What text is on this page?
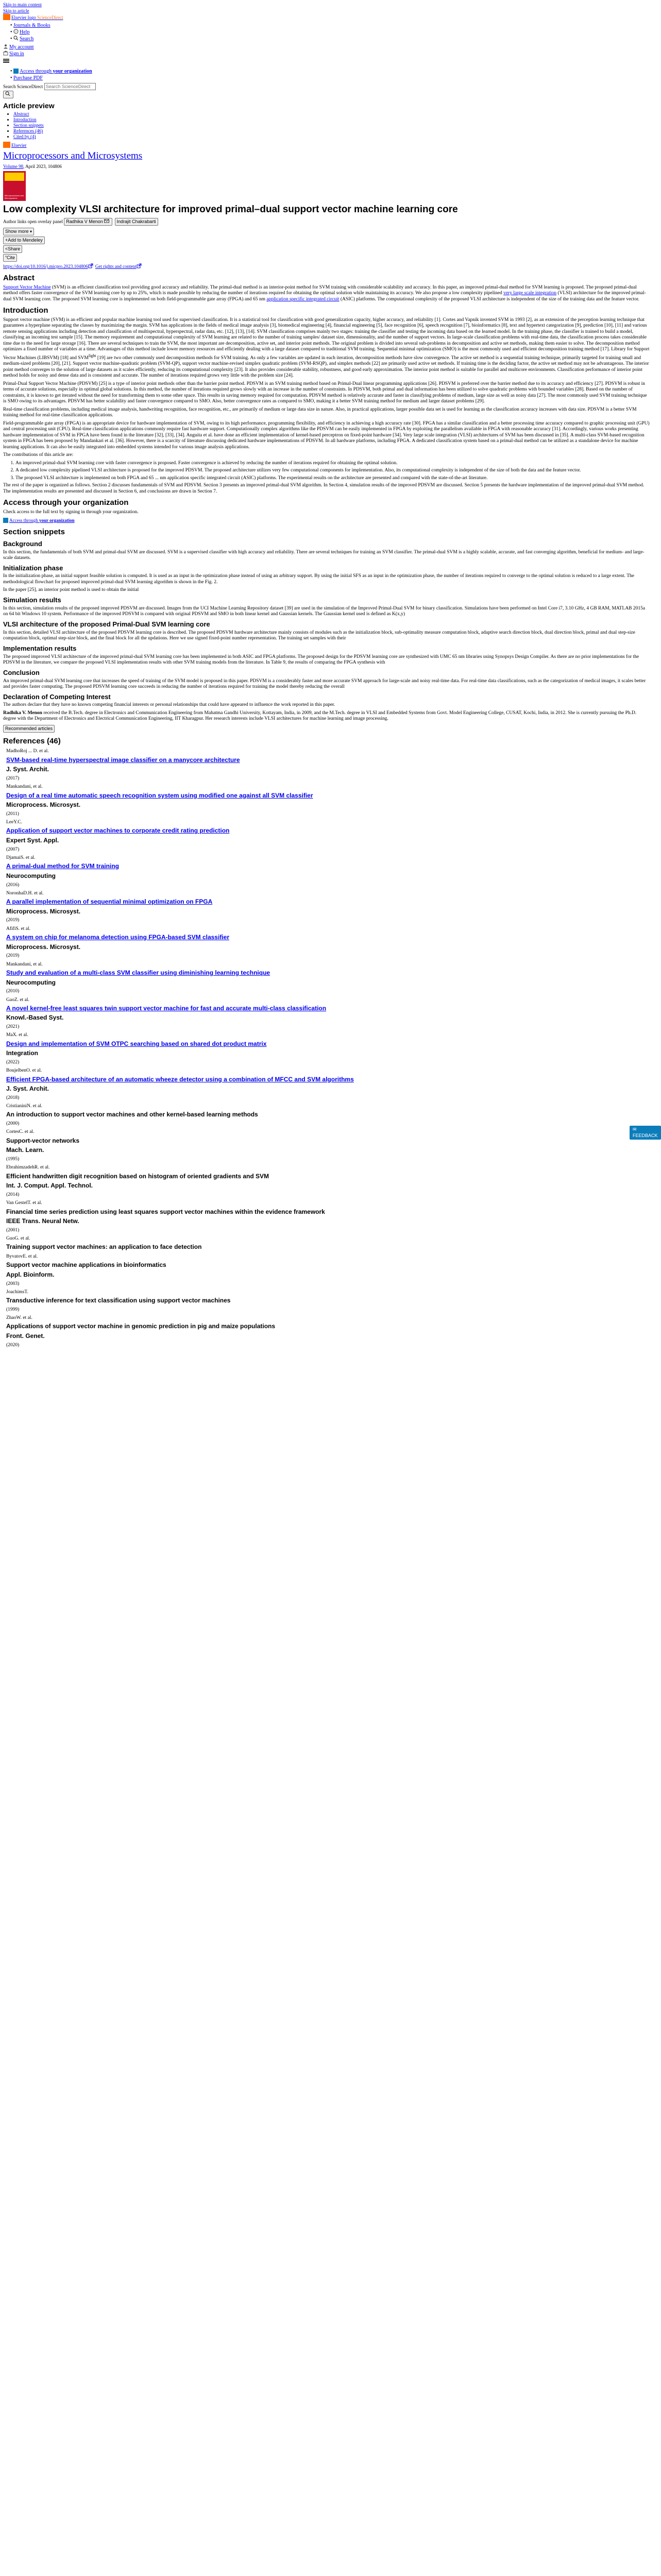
Skip to main content
Skip to article
Elsevier logo ScienceDirect
• Journals & Books
• ? Help
• Search
My account
Sign in
• Access through your organization
• Purchase PDF
Search ScienceDirect Search ScienceDirect
Article preview
• Abstract
• Introduction
• Section snippets
• References (46)
• Cited by (4)
Elsevier
Microprocessors and Microsystems
Volume 98, April 2023, 104806
Microprocessors and Microsystems
Low complexity VLSI architecture for improved primal–dual support vector machine learning core
Author links open overlay panel Radhika V Menon	Indrajit Chakrabarti
Show more ▾
+Add to Mendeley
<Share
“Cite
https://doi.org/10.1016/j.micpro.2023.104806 Get rights and content
Abstract

Support Vector Machine (SVM) is an efficient classification tool providing good accuracy and reliability. The primal-dual method is an interior-point method for SVM training with considerable scalability and accuracy. In this paper, an improved primal-dual method for SVM learning is proposed. The proposed primal-dual method offers faster convergence of the SVM learning core by up to 25%, which is made possible by reducing the number of iterations required for obtaining the optimal solution while maintaining its accuracy. We also propose a low complexity pipelined very large scale integration (VLSI) architecture for the improved primal-dual SVM learning core. The proposed SVM learning core is implemented on both field-programmable gate array (FPGA) and 65 nm application specific integrated circuit (ASIC) platforms. The computational complexity of the proposed VLSI architecture is independent of the size of the training data and the feature vector.

Introduction

Support vector machine (SVM) is an efficient and popular machine learning tool used for supervised classification. It is a statistical tool for classification with good generalization capacity, higher accuracy, and reliability [1]. Cortes and Vapnik invented SVM in 1993 [2], as an extension of the perception learning technique that guarantees a hyperplane separating the classes by maximizing the margin. SVM has applications in the fields of medical image analysis [3], biomedical engineering [4], financial engineering [5], face recognition [6], speech recognition [7], bioinformatics [8], text and hypertext categorization [9], prediction [10], [11] and various remote sensing applications including detection and classification of multispectral, hyperspectral, radar data, etc. [12], [13], [14]. SVM classification comprises mainly two stages: training the classifier and testing the incoming data based on the learned model. In the training phase, the classifier is trained to build a model, classifying an incoming test sample [15]. The memory requirement and computational complexity of SVM learning are related to the number of training samples/ dataset size, dimensionality, and the number of support vectors. In large-scale classification problems with real-time data, the classification process takes considerable time due to the need for large storage [16]. There are several techniques to train the SVM, the most important are decomposition, active set, and interior point methods. The original problem is divided into several sub-problems in decomposition and active set methods, making them easier to solve. The decomposition method optimizes a fixed number of variables at a time. Advantages of this method include lower memory resources and efficiently dealing with a large dataset compared to traditional SVM training. Sequential minimal optimization (SMO) is the most commonly used and efficient decomposition training method [17]. Library for Support Vector Machines (LIBSVM) [18] and $SVM^{light}$ [19] are two other commonly used decomposition methods for SVM training. As only a few variables are updated in each iteration, decomposition methods have slow convergence. The active set method is a sequential training technique, primarily targeted for training small and medium-sized problems [20], [21]. Support vector machine-quadratic problem (SVM-QP), support vector machine-revised simplex quadratic problem (SVM-RSQP), and simplex methods [22] are primarily used active set methods. If training time is the deciding factor, the active set method may not be advantageous. The interior point method converges to the solution of large datasets as it scales efficiently, reducing its computational complexity [23]. It also provides considerable stability, robustness, and good early approximation. The interior point method is suitable for parallel and multicore environments. Classification performance of interior point method holds for noisy and dense data and is consistent and accurate. The number of iterations required grows very little with the problem size [24].

Primal-Dual Support Vector Machine (PDSVM) [25] is a type of interior point methods other than the barrier point method. PDSVM is an SVM training method based on Primal-Dual linear programming applications [26]. PDSVM is preferred over the barrier method due to its accuracy and efficiency [27]. PDSVM is robust in terms of accurate solutions, especially in optimal global solutions. In this method, the number of iterations required grows slowly with an increase in the number of constraints. In PDSVM, both primal and dual information has been utilized to solve quadratic problems with bounded variables [28]. Based on the number of constraints, it is known to get iterated without the need for transforming them to some other space. This results in saving memory required for computation. PDSVM method is relatively accurate and faster in classifying problems of medium, large size as well as noisy data [27]. The most commonly used SVM training technique is SMO owing to its advantages. PDSVM has better scalability and faster convergence compared to SMO. Also, better convergence rates as compared to SMO, making it a better SVM training method for medium and larger dataset problems [29].

Real-time classification problems, including medical image analysis, handwriting recognition, face recognition, etc., are primarily of medium or large data size in nature. Also, in practical applications, larger possible data set is used for learning as the classification accuracy increases with data size. PDSVM is a better SVM training method for real-time classification applications.

Field-programmable gate array (FPGA) is an appropriate device for hardware implementation of SVM, owing to its high performance, programming flexibility, and efficiency in achieving a high accuracy rate [30]. FPGA has a similar classification and a better processing time accuracy compared to graphic processing unit (GPU) and central processing unit (CPU). Real-time classification applications commonly require fast hardware support. Computationally complex algorithms like the PDSVM can be easily implemented in FPGA by exploiting the parallelism available in FPGA with reasonable accuracy [31]. Accordingly, various works presenting hardware implementation of SVM in FPGA have been found in the literature [32], [33], [34]. Anguita et al. have done an efficient implementation of kernel-based perceptron on fixed-point hardware [34]. Very large scale integration (VLSI) architectures of SVM has been discussed in [35]. A multi-class SVM-based recognition system in FPGA has been proposed by Mandankari et al. [36]. However, there is a scarcity of literature discussing dedicated hardware implementations of PDSVM. In all hardware platforms, including FPGA. A dedicated classification system based on a primal-dual method can be utilized as a standalone device for machine learning applications. It can also be easily integrated into embedded systems intended for various image analysis applications.

The contributions of this article are:

1. An improved primal-dual SVM learning core with faster convergence is proposed. Faster convergence is achieved by reducing the number of iterations required for obtaining the optimal solution.
2. A dedicated low complexity pipelined VLSI architecture is proposed for the improved PDSVM. The proposed architecture utilizes very few computational components for implementation. Also, its computational complexity is independent of the size of both the data and the feature vector.
3. The proposed VLSI architecture is implemented on both FPGA and 65 ... nm application specific integrated circuit (ASIC) platforms. The experimental results on the architecture are presented and compared with the state-of-the-art literature.

The rest of the paper is organized as follows. Section 2 discusses fundamentals of SVM and PDSVM. Section 3 presents an improved primal-dual SVM algorithm. In Section 4, simulation results of the improved PDSVM are discussed. Section 5 presents the hardware implementation of the improved primal-dual SVM method. The implementation results are presented and discussed in Section 6, and conclusions are drawn in Section 7.

Access through your organization

Check access to the full text by signing in through your organization.

Access through your organization
Section snippets
Background

In this section, the fundamentals of both SVM and primal-dual SVM are discussed. SVM is a supervised classifier with high accuracy and reliability. There are several techniques for training an SVM classifier. The primal-dual SVM is a highly scalable, accurate, and fast converging algorithm, beneficial for medium- and large-scale datasets.

Initialization phase

In the initialization phase, an initial support feasible solution is computed. It is used as an input in the optimization phase instead of using an arbitrary support. By using the initial SFS as an input in the optimization phase, the number of iterations required to converge to the optimal solution is reduced to a large extent. The methodological flowchart for proposed improved primal-dual SVM learning algorithm is shown in the Fig. 2.

In the paper [25], an interior point method is used to obtain the initial

Simulation results

In this section, simulation results of the proposed improved PDSVM are discussed. Images from the UCI Machine Learning Repository dataset [39] are used in the simulation of the Improved Primal-Dual SVM for binary classification. Simulations have been performed on Intel Core i7, 3.10 GHz, 4 GB RAM, MATLAB 2015a on 64 bit Windows 10 system. Performance of the improved PDSVM is compared with original PDSVM and SMO in both linear kernel and Gaussian kernels. The Gaussian kernel used is defined as K(x,y)

VLSI architecture of the proposed Primal-Dual SVM learning core

In this section, detailed VLSI architecture of the proposed PDSVM learning core is described. The proposed PDSVM hardware architecture mainly consists of modules such as the initialization block, sub-optimality measure computation block, adaptive search direction block, dual direction block, primal and dual step-size computation block, optimal step-size block, and the final block for all the updations. Here we use signed fixed-point number representation. The training set samples with their

Implementation results

The proposed improved VLSI architecture of the improved primal-dual SVM learning core has been implemented in both ASIC and FPGA platforms. The proposed design for the PDSVM learning core are synthesized with UMC 65 nm libraries using Synopsys Design Compiler. As there are no prior implementations for the PDSVM in the literature, we compare the proposed VLSI implementation results with other SVM training models from the literature. In Table 9, the results of comparing the FPGA synthesis with

Conclusion

An improved primal-dual SVM learning core that increases the speed of training of the SVM model is proposed in this paper. PDSVM is a considerably faster and more accurate SVM approach for large-scale and noisy real-time data. For real-time data classifications, such as the categorization of medical images, it scales better and provides faster computing. The proposed PDSVM learning core succeeds in reducing the number of iterations required for training the model thereby reducing the overall

Declaration of Competing Interest

The authors declare that they have no known competing financial interests or personal relationships that could have appeared to influence the work reported in this paper.

Radhika V. Menon received the B.Tech. degree in Electronics and Communication Engineering from Mahatma Gandhi University, Kottayam, India, in 2009, and the M.Tech. degree in VLSI and Embedded Systems from Govt. Model Engineering College, CUSAT, Kochi, India, in 2012. She is currently pursuing the Ph.D. degree with the Department of Electronics and Electrical Communication Engineering, IIT Kharagpur. Her research interests include VLSI architectures for machine learning and image processing.

Recommended articles
References (46)
MadhoRoj ... D. et al.
SVM-based real-time hyperspectral image classifier on a manycore architecture
J. Syst. Archit.
(2017)
Mankandani, et al.
Design of a real time automatic speech recognition system using modified one against all SVM classifier
Microprocess. Microsyst.
(2011)
LeeY.C.
Application of support vector machines to corporate credit rating prediction
Expert Syst. Appl.
(2007)
DjamaiS. et al.
A primal-dual method for SVM training
Neurocomputing
(2016)
NoronhaD.H. et al.
A parallel implementation of sequential minimal optimization on FPGA
Microprocess. Microsyst.
(2019)
AfifiS. et al.
A system on chip for melanoma detection using FPGA-based SVM classifier
Microprocess. Microsyst.
(2019)
Mankandani, et al.
Study and evaluation of a multi-class SVM classifier using diminishing learning technique
Neurocomputing
(2010)
GaoZ. et al.
A novel kernel-free least squares twin support vector machine for fast and accurate multi-class classification
Knowl.-Based Syst.
(2021)
MaX. et al.
Design and implementation of SVM OTPC searching based on shared dot product matrix
Integration
(2022)
BoujelbenO. et al.
Efficient FPGA-based architecture of an automatic wheeze detector using a combination of MFCC and SVM algorithms
J. Syst. Archit.
(2018)
CristianiniN. et al.
An introduction to support vector machines and other kernel-based learning methods
(2000)
CortesC. et al.
Support-vector networks
Mach. Learn.
(1995)
EbrahimzadehR. et al.
Efficient handwritten digit recognition based on histogram of oriented gradients and SVM
Int. J. Comput. Appl. Technol.
(2014)
Van GestelT. et al.
Financial time series prediction using least squares support vector machines within the evidence framework
IEEE Trans. Neural Netw.
(2001)
GuoG. et al.
Training support vector machines: an application to face detection
ByvatovE. et al.
Support vector machine applications in bioinformatics
Appl. Bioinform.
(2003)
JoachimsT.
Transductive inference for text classification using support vector machines
(1999)
ZhaoW. et al.
Applications of support vector machine in genomic prediction in pig and maize populations
Front. Genet.
(2020)
✉ FEEDBACK
